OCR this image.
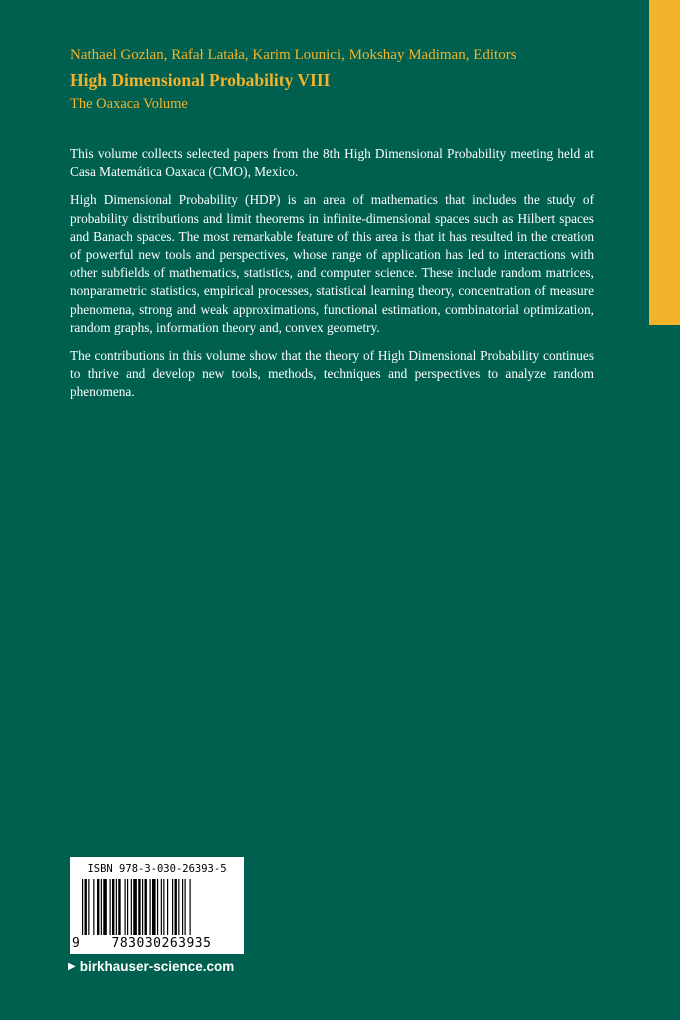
Nathael Gozlan, Rafał Latała, Karim Lounici, Mokshay Madiman, Editors
High Dimensional Probability VIII
The Oaxaca Volume

This volume collects selected papers from the 8th High Dimensional Probability meeting held at Casa Matemática Oaxaca (CMO), Mexico.

High Dimensional Probability (HDP) is an area of mathematics that includes the study of probability distributions and limit theorems in infinite-dimensional spaces such as Hilbert spaces and Banach spaces. The most remarkable feature of this area is that it has resulted in the creation of powerful new tools and perspectives, whose range of application has led to interactions with other subfields of mathematics, statistics, and computer science. These include random matrices, nonparametric statistics, empirical processes, statistical learning theory, concentration of measure phenomena, strong and weak approximations, functional estimation, combinatorial optimization, random graphs, information theory and, convex geometry.

The contributions in this volume show that the theory of High Dimensional Probability continues to thrive and develop new tools, methods, techniques and perspectives to analyze random phenomena.

ISBN 978-3-030-26393-5
9	783030263935
▶ birkhauser-science.com
